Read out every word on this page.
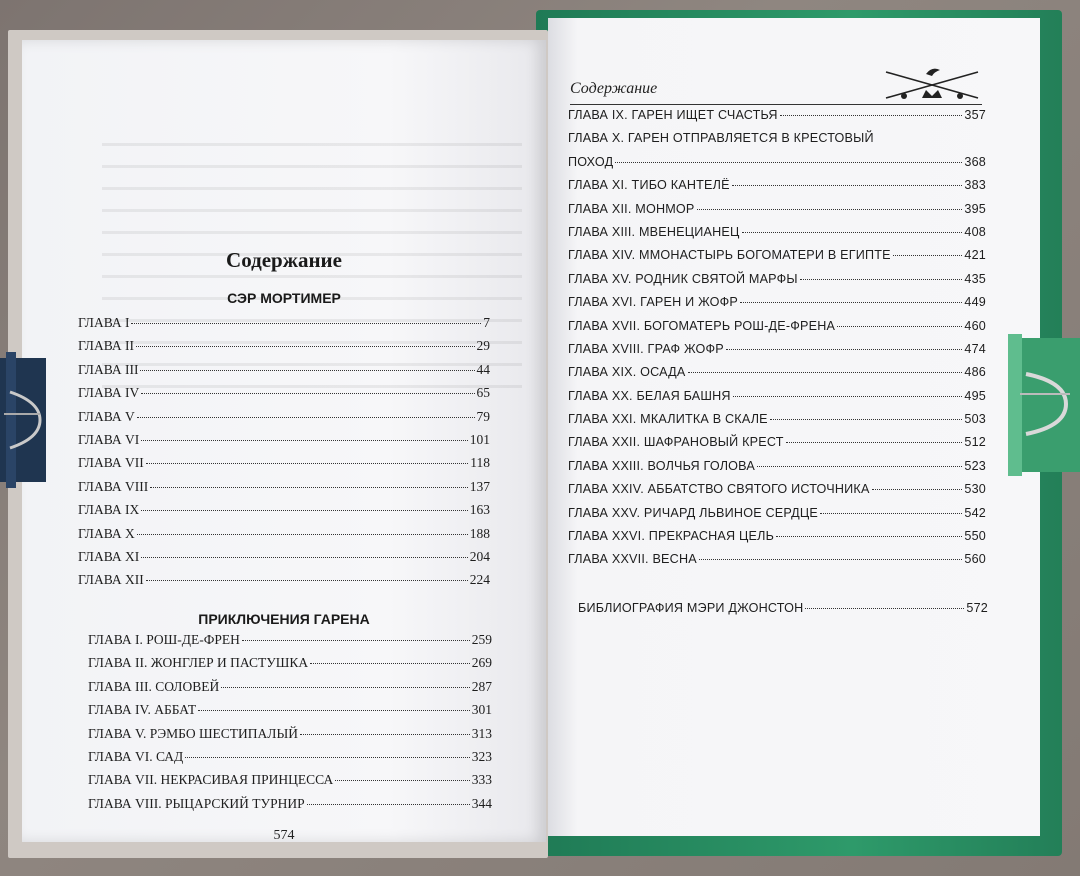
Содержание
СЭР МОРТИМЕР
ГЛАВА I	7
ГЛАВА II	29
ГЛАВА III	44
ГЛАВА IV	65
ГЛАВА V	79
ГЛАВА VI	101
ГЛАВА VII	118
ГЛАВА VIII	137
ГЛАВА IX	163
ГЛАВА X	188
ГЛАВА XI	204
ГЛАВА XII	224
ПРИКЛЮЧЕНИЯ ГАРЕНА
ГЛАВА I. РОШ-ДЕ-ФРЕН	259
ГЛАВА II. ЖОНГЛЕР И ПАСТУШКА	269
ГЛАВА III. СОЛОВЕЙ	287
ГЛАВА IV. АББАТ	301
ГЛАВА V. РЭМБО ШЕСТИПАЛЫЙ	313
ГЛАВА VI. САД	323
ГЛАВА VII. НЕКРАСИВАЯ ПРИНЦЕССА	333
ГЛАВА VIII. РЫЦАРСКИЙ ТУРНИР	344
574
Содержание
ГЛАВА IX. ГАРЕН ИЩЕТ СЧАСТЬЯ	357
ГЛАВА X. ГАРЕН ОТПРАВЛЯЕТСЯ В КРЕСТОВЫЙ
ПОХОД	368
ГЛАВА XI. ТИБО КАНТЕЛЁ	383
ГЛАВА XII. МОНМОР	395
ГЛАВА XIII. МВЕНЕЦИАНЕЦ	408
ГЛАВА XIV. ММОНАСТЫРЬ БОГОМАТЕРИ В ЕГИПТЕ	421
ГЛАВА XV. РОДНИК СВЯТОЙ МАРФЫ	435
ГЛАВА XVI. ГАРЕН И ЖОФР	449
ГЛАВА XVII. БОГОМАТЕРЬ РОШ-ДЕ-ФРЕНА	460
ГЛАВА XVIII. ГРАФ ЖОФР	474
ГЛАВА XIX. ОСАДА	486
ГЛАВА XX. БЕЛАЯ БАШНЯ	495
ГЛАВА XXI. МКАЛИТКА В СКАЛЕ	503
ГЛАВА XXII. ШАФРАНОВЫЙ КРЕСТ	512
ГЛАВА XXIII. ВОЛЧЬЯ ГОЛОВА	523
ГЛАВА XXIV. АББАТСТВО СВЯТОГО ИСТОЧНИКА	530
ГЛАВА XXV. РИЧАРД ЛЬВИНОЕ СЕРДЦЕ	542
ГЛАВА XXVI. ПРЕКРАСНАЯ ЦЕЛЬ	550
ГЛАВА XXVII. ВЕСНА	560
БИБЛИОГРАФИЯ МЭРИ ДЖОНСТОН	572
